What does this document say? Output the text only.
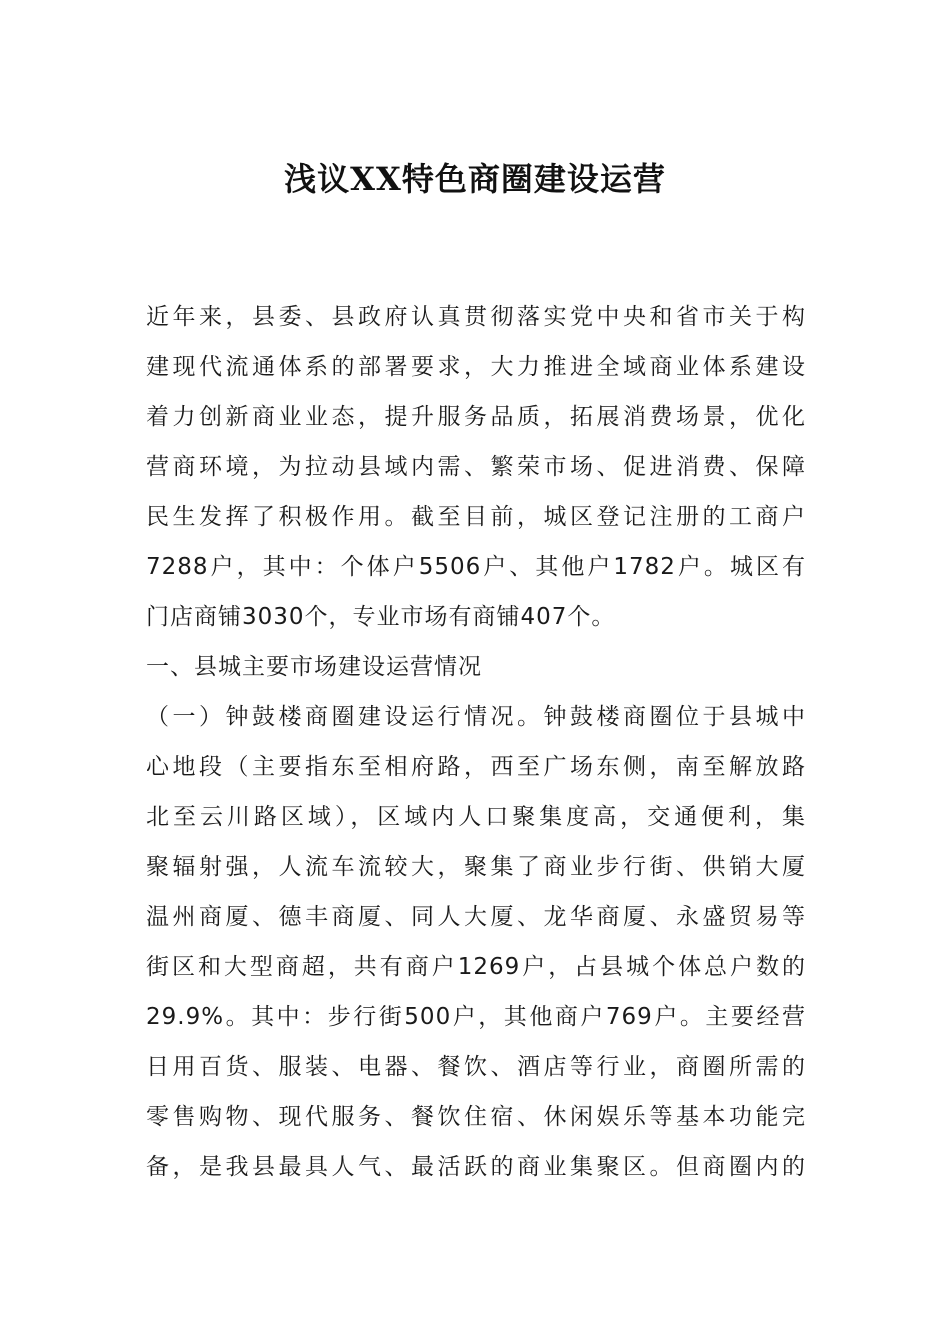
浅议XX特色商圈建设运营
近年来，县委、县政府认真贯彻落实党中央和省市关于构
建现代流通体系的部署要求，大力推进全域商业体系建设
着力创新商业业态，提升服务品质，拓展消费场景，优化
营商环境，为拉动县域内需、繁荣市场、促进消费、保障
民生发挥了积极作用。截至目前，城区登记注册的工商户
7288户，其中：个体户5506户、其他户1782户。城区有
门店商铺3030个，专业市场有商铺407个。
一、县城主要市场建设运营情况
（一）钟鼓楼商圈建设运行情况。钟鼓楼商圈位于县城中
心地段（主要指东至相府路，西至广场东侧，南至解放路
北至云川路区域），区域内人口聚集度高，交通便利，集
聚辐射强，人流车流较大，聚集了商业步行街、供销大厦
温州商厦、德丰商厦、同人大厦、龙华商厦、永盛贸易等
街区和大型商超，共有商户1269户，占县城个体总户数的
29.9%。其中：步行街500户，其他商户769户。主要经营
日用百货、服装、电器、餐饮、酒店等行业，商圈所需的
零售购物、现代服务、餐饮住宿、休闲娱乐等基本功能完
备，是我县最具人气、最活跃的商业集聚区。但商圈内的
